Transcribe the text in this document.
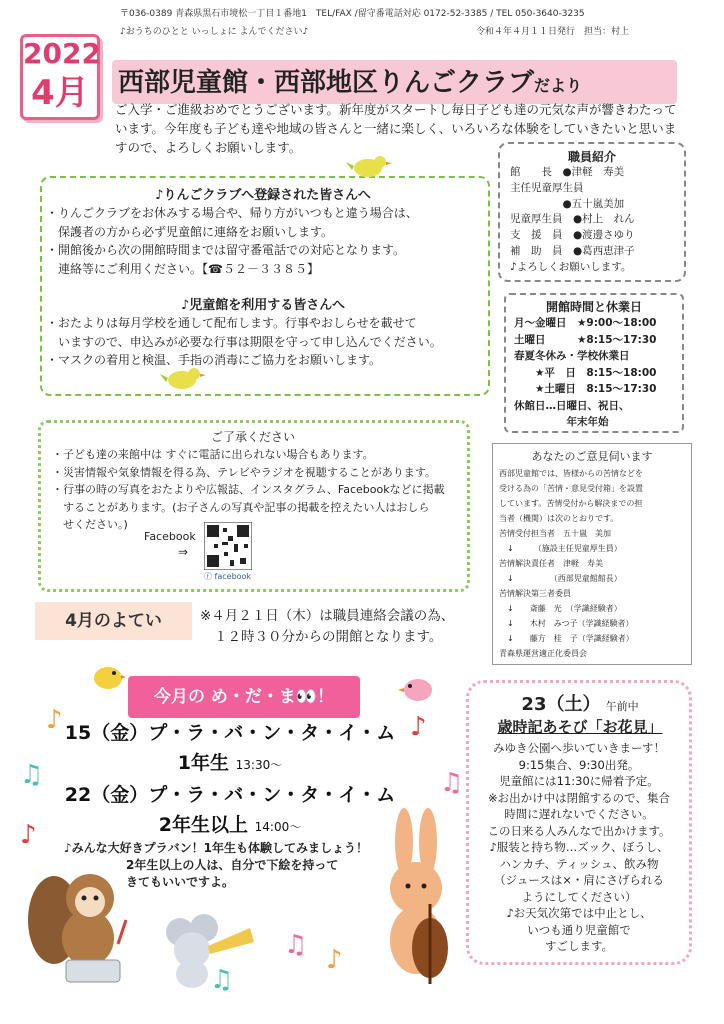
〒036-0389 青森県黒石市境松一丁目１番地1　TEL/FAX /留守番電話対応 0172-52-3385 / TEL 050-3640-3235
♪おうちのひとと いっしょに よんでください♪	令和４年４月１１日発行　担当：村上
2022
4月	西部児童館・西部地区りんごクラブだより
ご入学・ご進級おめでとうございます。新年度がスタートし毎日子ども達の元気な声が響きわたっています。今年度も子ども達や地域の皆さんと一緒に楽しく、いろいろな体験をしていきたいと思いますので、よろしくお願いします。
♪りんごクラブへ登録された皆さんへ
・りんごクラブをお休みする場合や、帰り方がいつもと違う場合は、
　保護者の方から必ず児童館に連絡をお願いします。
・開館後から次の開館時間までは留守番電話での対応となります。
　連絡等にご利用ください。【☎５２－３３８５】
♪児童館を利用する皆さんへ
・おたよりは毎月学校を通して配布します。行事やおしらせを載せて
　いますので、申込みが必要な行事は期限を守って申し込んでください。
・マスクの着用と検温、手指の消毒にご協力をお願いします。
職員紹介
館　　長　●津軽　寿美
主任児童厚生員
　　　　　●五十嵐美加
児童厚生員　●村上　れん
支　援　員　●渡邊さゆり
補　助　員　●葛西恵津子
♪よろしくお願いします。
開館時間と休業日
月～金曜日　★9:00～18:00
土曜日　　　★8:15～17:30
春夏冬休み・学校休業日
　　★平　日　8:15～18:00
　　★土曜日　8:15～17:30
休館日…日曜日、祝日、
　　　　　年末年始
ご了承ください
・子ども達の来館中は すぐに電話に出られない場合もあります。
・災害情報や気象情報を得る為、テレビやラジオを視聴することがあります。
・行事の時の写真をおたよりや広報誌、インスタグラム、Facebookなどに掲載
　することがあります。(お子さんの写真や記事の掲載を控えたい人はおしら
　せください。)
Facebook
⇒
ⓕ facebook
あなたのご意見伺います
西部児童館では、皆様からの苦情などを
受ける為の「苦情・意見受付箱」を設置
しています。苦情受付から解決までの担
当者（機関）は次のとおりです。
苦情受付担当者　五十嵐　美加
　↓　　　（施設主任児童厚生員）
苦情解決責任者　津軽　寿美
　↓　　　　　（西部児童館館長）
苦情解決第三者委員
　↓　　斎藤　光　（学識経験者）
　↓　　木村　みつ子（学識経験者）
　↓　　藤方　桂　子（学識経験者）
青森県運営適正化委員会
4月のよてい	※４月２１日（木）は職員連絡会議の為、
１２時３０分からの開館となります。
今月の め・だ・ま👀！
15（金）プ・ラ・バ・ン・タ・イ・ム
1年生 13:30～
22（金）プ・ラ・バ・ン・タ・イ・ム
2年生以上 14:00～
♪みんな大好きプラバン！1年生も体験してみましょう！
2年生以上の人は、自分で下絵を持って
きてもいいですよ。
♪
♫
♪
♪
♫
♫
♪
♫
23（土） 午前中
歳時記あそび「お花見」
みゆき公園へ歩いていきまーす！
9:15集合、9:30出発。
児童館には11:30に帰着予定。
※お出かけ中は閉館するので、集合
時間に遅れないでください。
この日来る人みんなで出かけます。
♪服装と持ち物…ズック、ぼうし、
ハンカチ、ティッシュ、飲み物
（ジュースは×・肩にさげられる
ようにしてください）
♪お天気次第では中止とし、
いつも通り児童館で
すごします。
